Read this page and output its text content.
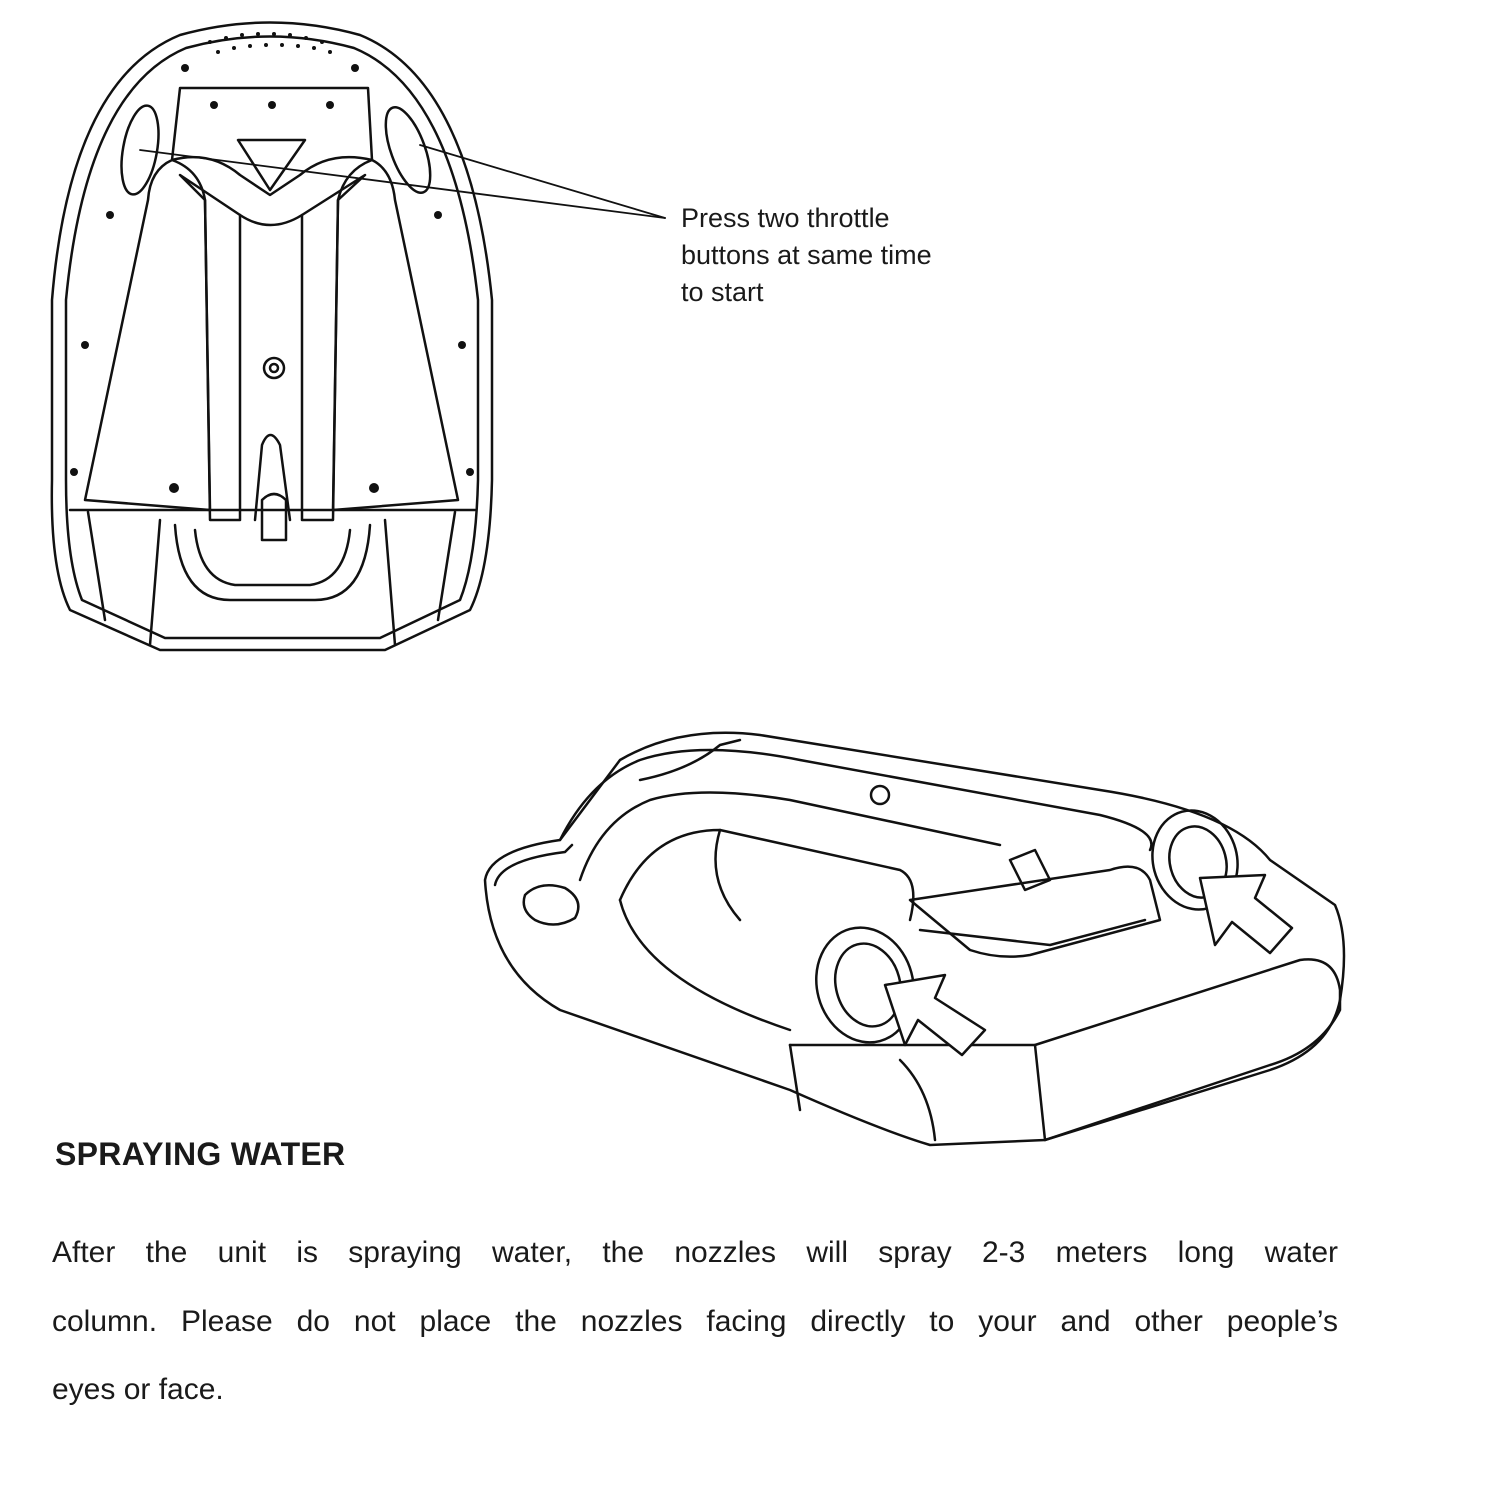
Press two throttle
buttons at same time
to start
SPRAYING WATER
After the unit is spraying water, the nozzles will spray 2-3 meters long water
column. Please do not place the nozzles facing directly to your and other people’s
eyes or face.
